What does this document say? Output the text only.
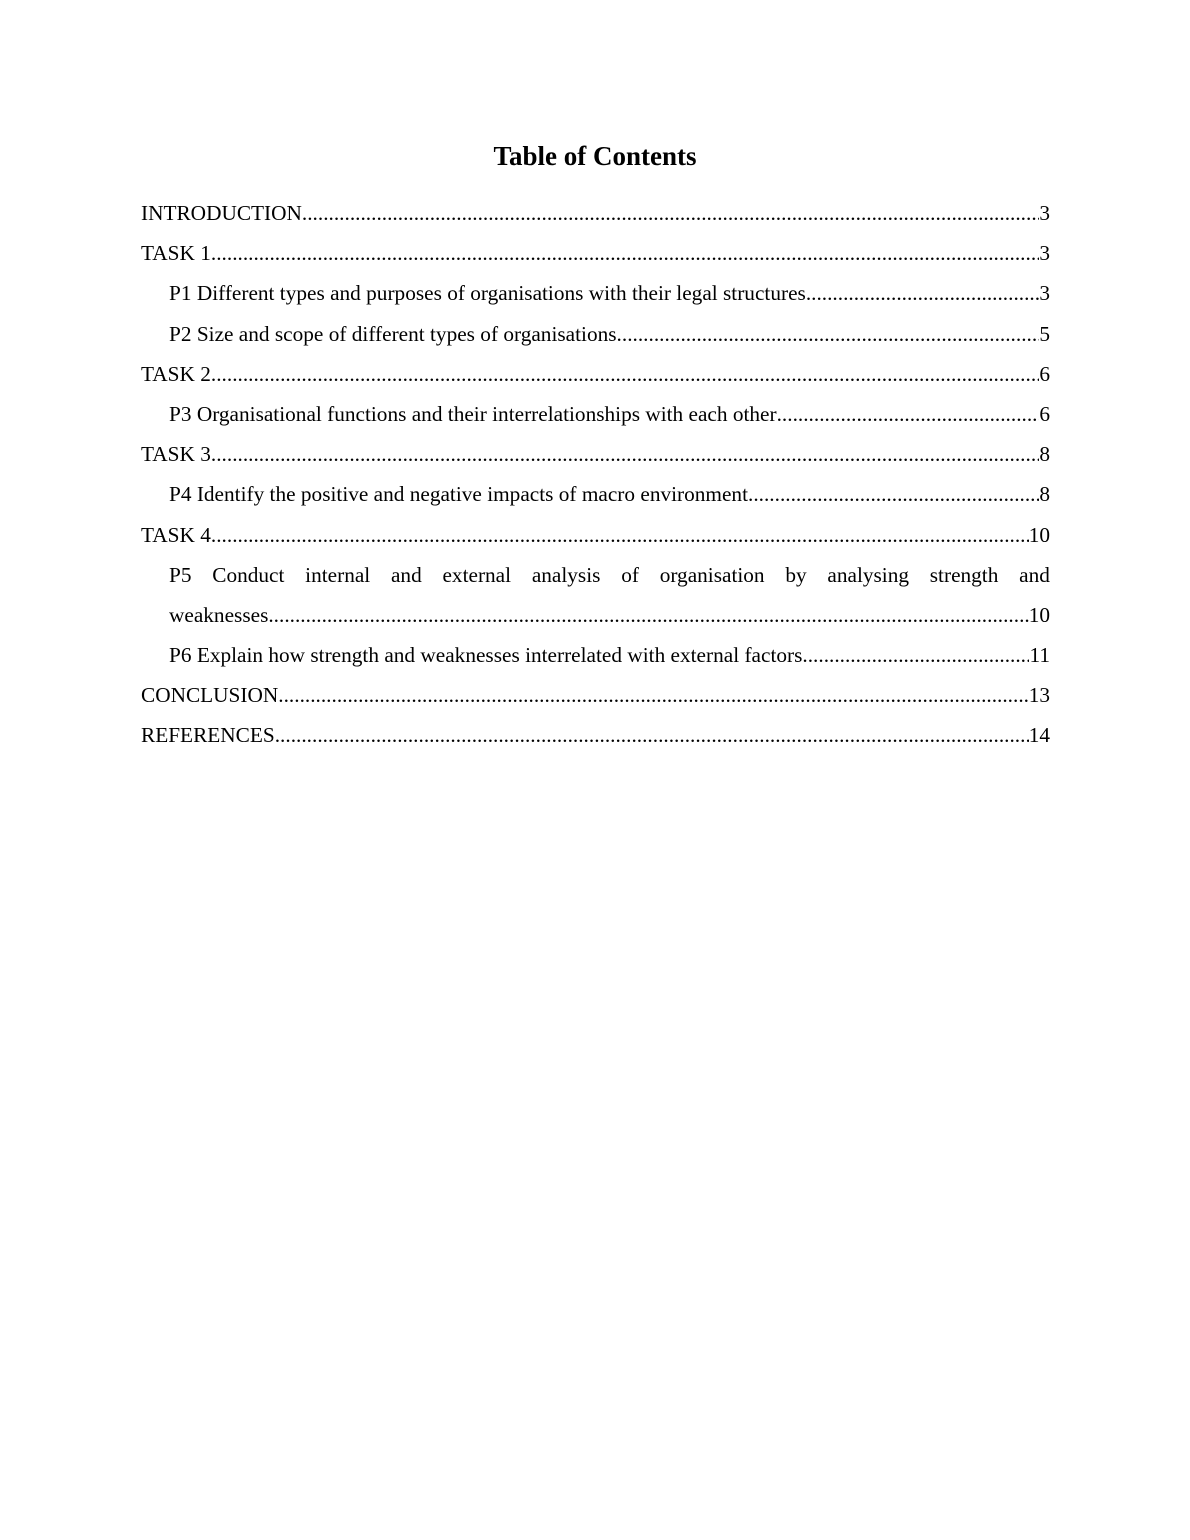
Table of Contents
INTRODUCTION .....	3
TASK 1 .....	3
P1 Different types and purposes of organisations with their legal structures .....	3
P2 Size and scope of different types of organisations .....	5
TASK 2 .....	6
P3 Organisational functions and their interrelationships with each other .....	6
TASK 3 .....	8
P4 Identify the positive and negative impacts of macro environment .....	8
TASK 4 .....	10
P5 Conduct internal and external analysis of organisation by analysing strength and
weaknesses .....	10
P6 Explain how strength and weaknesses interrelated with external factors .....	11
CONCLUSION .....	13
REFERENCES .....	14
